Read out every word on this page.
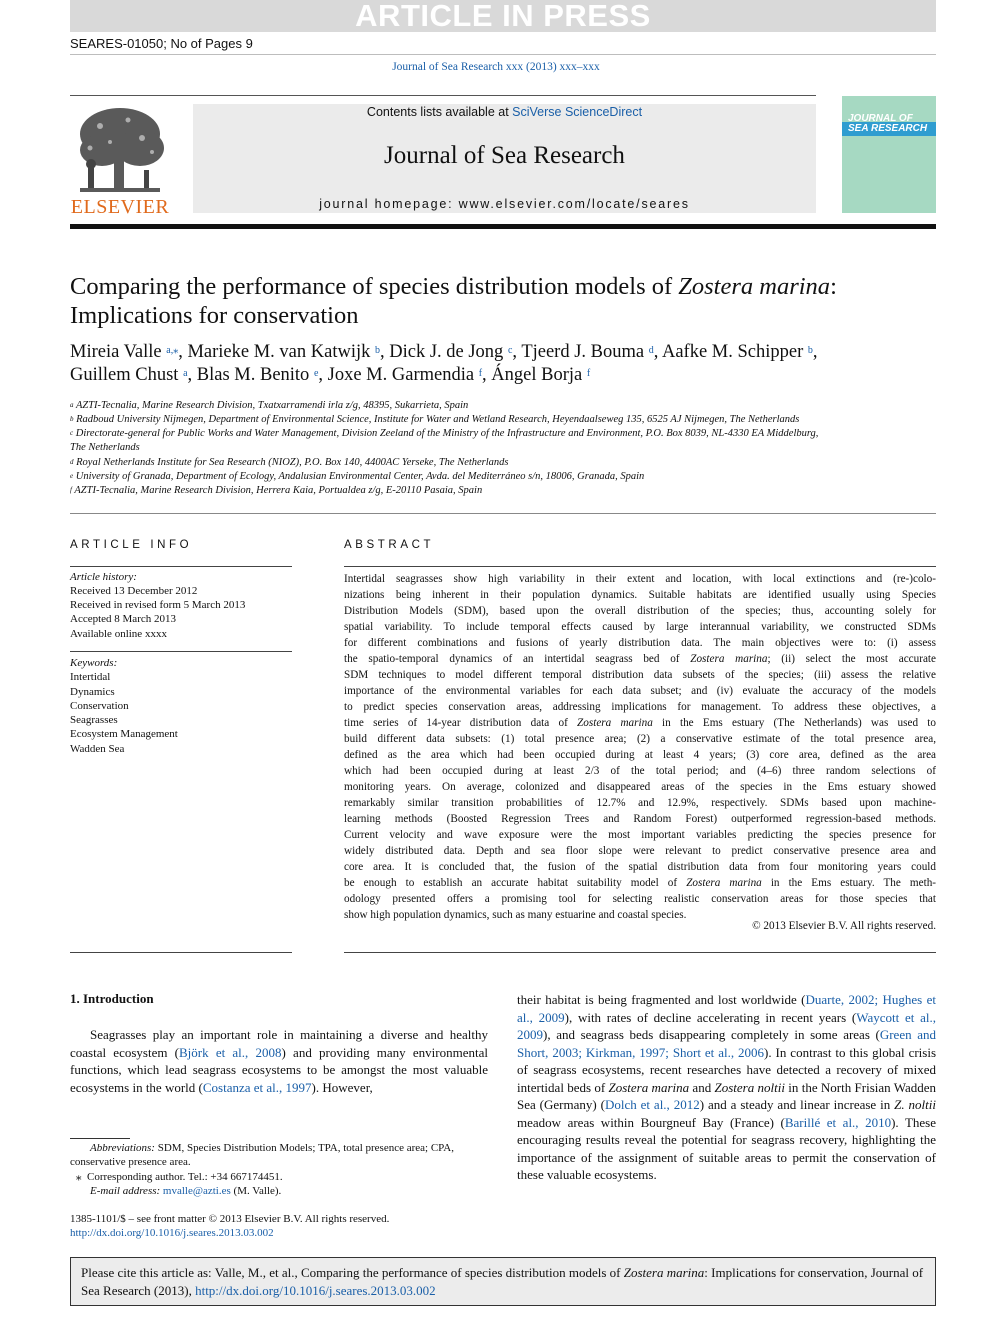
ARTICLE IN PRESS
SEARES-01050; No of Pages 9
Journal of Sea Research xxx (2013) xxx–xxx
ELSEVIER
Contents lists available at SciVerse ScienceDirect
Journal of Sea Research
journal homepage: www.elsevier.com/locate/seares
JOURNAL OF
SEA RESEARCH
Comparing the performance of species distribution models of Zostera marina:
Implications for conservation
Mireia Valle $^{a,⁎}$, Marieke M. van Katwijk $^b$, Dick J. de Jong $^c$, Tjeerd J. Bouma $^d$, Aafke M. Schipper $^b$,
Guillem Chust $^a$, Blas M. Benito $^e$, Joxe M. Garmendia $^f$, Ángel Borja $^f$
$^a$ AZTI-Tecnalia, Marine Research Division, Txatxarramendi irla z/g, 48395, Sukarrieta, Spain
$^b$ Radboud University Nijmegen, Department of Environmental Science, Institute for Water and Wetland Research, Heyendaalseweg 135, 6525 AJ Nijmegen, The Netherlands
$^c$ Directorate-general for Public Works and Water Management, Division Zeeland of the Ministry of the Infrastructure and Environment, P.O. Box 8039, NL-4330 EA Middelburg,
The Netherlands
$^d$ Royal Netherlands Institute for Sea Research (NIOZ), P.O. Box 140, 4400AC Yerseke, The Netherlands
$^e$ University of Granada, Department of Ecology, Andalusian Environmental Center, Avda. del Mediterráneo s/n, 18006, Granada, Spain
$^f$ AZTI-Tecnalia, Marine Research Division, Herrera Kaia, Portualdea z/g, E-20110 Pasaia, Spain
ARTICLE INFO	ABSTRACT
Article history:
Received 13 December 2012
Received in revised form 5 March 2013
Accepted 8 March 2013
Available online xxxx
Keywords:
Intertidal
Dynamics
Conservation
Seagrasses
Ecosystem Management
Wadden Sea
Intertidal seagrasses show high variability in their extent and location, with local extinctions and (re-)colo-
nizations being inherent in their population dynamics. Suitable habitats are identified usually using Species
Distribution Models (SDM), based upon the overall distribution of the species; thus, accounting solely for
spatial variability. To include temporal effects caused by large interannual variability, we constructed SDMs
for different combinations and fusions of yearly distribution data. The main objectives were to: (i) assess
the spatio-temporal dynamics of an intertidal seagrass bed of Zostera marina; (ii) select the most accurate
SDM techniques to model different temporal distribution data subsets of the species; (iii) assess the relative
importance of the environmental variables for each data subset; and (iv) evaluate the accuracy of the models
to predict species conservation areas, addressing implications for management. To address these objectives, a
time series of 14-year distribution data of Zostera marina in the Ems estuary (The Netherlands) was used to
build different data subsets: (1) total presence area; (2) a conservative estimate of the total presence area,
defined as the area which had been occupied during at least 4 years; (3) core area, defined as the area
which had been occupied during at least 2/3 of the total period; and (4–6) three random selections of
monitoring years. On average, colonized and disappeared areas of the species in the Ems estuary showed
remarkably similar transition probabilities of 12.7% and 12.9%, respectively. SDMs based upon machine-
learning methods (Boosted Regression Trees and Random Forest) outperformed regression-based methods.
Current velocity and wave exposure were the most important variables predicting the species presence for
widely distributed data. Depth and sea floor slope were relevant to predict conservative presence area and
core area. It is concluded that, the fusion of the spatial distribution data from four monitoring years could
be enough to establish an accurate habitat suitability model of Zostera marina in the Ems estuary. The meth-
odology presented offers a promising tool for selecting realistic conservation areas for those species that
show high population dynamics, such as many estuarine and coastal species.
© 2013 Elsevier B.V. All rights reserved.
1. Introduction
Seagrasses play an important role in maintaining a diverse and healthy coastal ecosystem (Björk et al., 2008) and providing many environmental functions, which lead seagrass ecosystems to be amongst the most valuable ecosystems in the world (Costanza et al., 1997). However,
their habitat is being fragmented and lost worldwide (Duarte, 2002; Hughes et al., 2009), with rates of decline accelerating in recent years (Waycott et al., 2009), and seagrass beds disappearing completely in some areas (Green and Short, 2003; Kirkman, 1997; Short et al., 2006). In contrast to this global crisis of seagrass ecosystems, recent researches have detected a recovery of mixed intertidal beds of Zostera marina and Zostera noltii in the North Frisian Wadden Sea (Germany) (Dolch et al., 2012) and a steady and linear increase in Z. noltii meadow areas within Bourgneuf Bay (France) (Barillé et al., 2010). These encouraging results reveal the potential for seagrass recovery, highlighting the importance of the assignment of suitable areas to permit the conservation of these valuable ecosystems.
Abbreviations: SDM, Species Distribution Models; TPA, total presence area; CPA, conservative presence area.
⁎ Corresponding author. Tel.: +34 667174451.
E-mail address: mvalle@azti.es (M. Valle).
1385-1101/$ – see front matter © 2013 Elsevier B.V. All rights reserved.
http://dx.doi.org/10.1016/j.seares.2013.03.002
Please cite this article as: Valle, M., et al., Comparing the performance of species distribution models of Zostera marina: Implications for conservation, Journal of Sea Research (2013), http://dx.doi.org/10.1016/j.seares.2013.03.002
